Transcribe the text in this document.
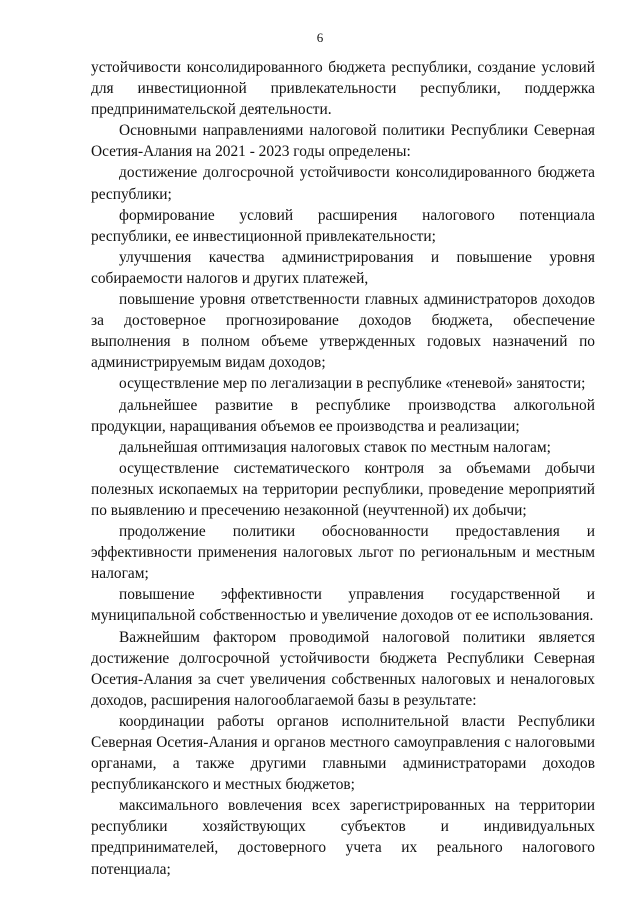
6

устойчивости консолидированного бюджета республики, создание условий для инвестиционной привлекательности республики, поддержка предпринимательской деятельности.

Основными направлениями налоговой политики Республики Северная Осетия-Алания на 2021 - 2023 годы определены:

достижение долгосрочной устойчивости консолидированного бюджета республики;

формирование условий расширения налогового потенциала республики, ее инвестиционной привлекательности;

улучшения качества администрирования и повышение уровня собираемости налогов и других платежей,

повышение уровня ответственности главных администраторов доходов за достоверное прогнозирование доходов бюджета, обеспечение выполнения в полном объеме утвержденных годовых назначений по администрируемым видам доходов;

осуществление мер по легализации в республике «теневой» занятости;

дальнейшее развитие в республике производства алкогольной продукции, наращивания объемов ее производства и реализации;

дальнейшая оптимизация налоговых ставок по местным налогам;

осуществление систематического контроля за объемами добычи полезных ископаемых на территории республики, проведение мероприятий по выявлению и пресечению незаконной (неучтенной) их добычи;

продолжение политики обоснованности предоставления и эффективности применения налоговых льгот по региональным и местным налогам;

повышение эффективности управления государственной и муниципальной собственностью и увеличение доходов от ее использования.

Важнейшим фактором проводимой налоговой политики является достижение долгосрочной устойчивости бюджета Республики Северная Осетия-Алания за счет увеличения собственных налоговых и неналоговых доходов, расширения налогооблагаемой базы в результате:

координации работы органов исполнительной власти Республики Северная Осетия-Алания и органов местного самоуправления с налоговыми органами, а также другими главными администраторами доходов республиканского и местных бюджетов;

максимального вовлечения всех зарегистрированных на территории республики хозяйствующих субъектов и индивидуальных предпринимателей, достоверного учета их реального налогового потенциала;
